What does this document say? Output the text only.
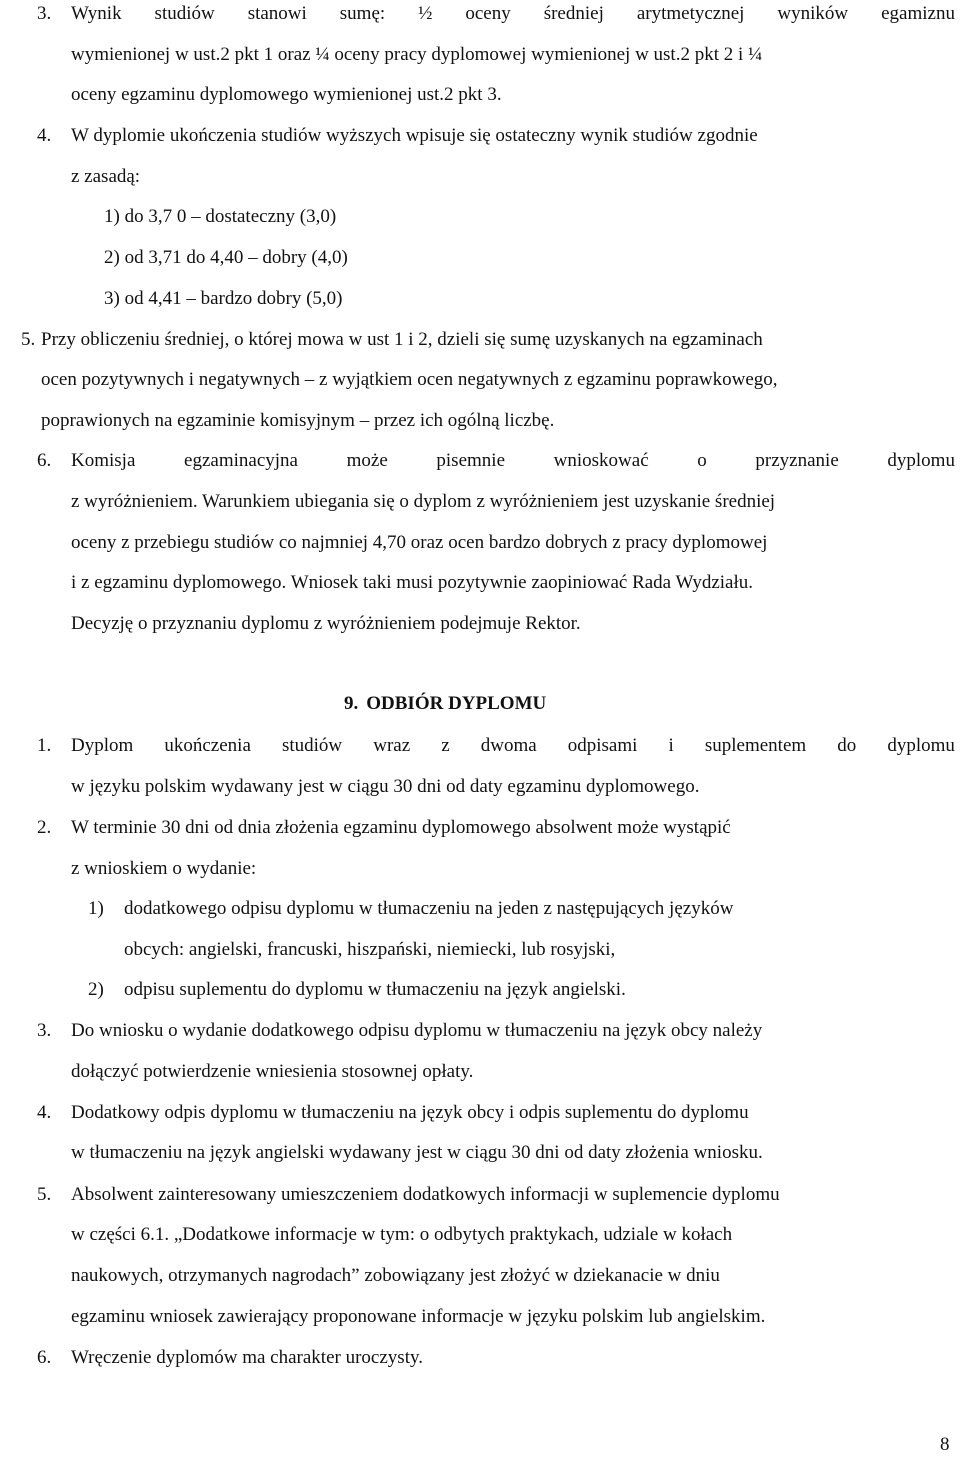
3.	Wynik studiów stanowi sumę: ½ oceny średniej arytmetycznej wyników egamiznu
wymienionej w ust.2 pkt 1 oraz ¼ oceny pracy dyplomowej wymienionej w ust.2 pkt 2 i ¼
oceny egzaminu dyplomowego wymienionej ust.2 pkt 3.
4.	W dyplomie ukończenia studiów wyższych wpisuje się ostateczny wynik studiów zgodnie
z zasadą:
1) do 3,7 0 – dostateczny (3,0)
2) od 3,71 do 4,40 – dobry (4,0)
3) od 4,41 – bardzo dobry (5,0)
5. Przy obliczeniu średniej, o której mowa w ust 1 i 2, dzieli się sumę uzyskanych na egzaminach
ocen pozytywnych i negatywnych – z wyjątkiem ocen negatywnych z egzaminu poprawkowego,
poprawionych na egzaminie komisyjnym – przez ich ogólną liczbę.
6.	Komisja	egzaminacyjna	może	pisemnie	wnioskować	o	przyznanie	dyplomu
z wyróżnieniem. Warunkiem ubiegania się o dyplom z wyróżnieniem jest uzyskanie średniej
oceny z przebiegu studiów co najmniej 4,70 oraz ocen bardzo dobrych z pracy dyplomowej
i z egzaminu dyplomowego. Wniosek taki musi pozytywnie zaopiniować Rada Wydziału.
Decyzję o przyznaniu dyplomu z wyróżnieniem podejmuje Rektor.
9. ODBIÓR DYPLOMU
1.	Dyplom ukończenia studiów wraz z dwoma odpisami i suplementem do dyplomu
w języku polskim wydawany jest w ciągu 30 dni od daty egzaminu dyplomowego.
2.	W terminie 30 dni od dnia złożenia egzaminu dyplomowego absolwent może wystąpić
z wnioskiem o wydanie:
1) dodatkowego odpisu dyplomu w tłumaczeniu na jeden z następujących języków
obcych: angielski, francuski, hiszpański, niemiecki, lub rosyjski,
2) odpisu suplementu do dyplomu w tłumaczeniu na język angielski.
3.	Do wniosku o wydanie dodatkowego odpisu dyplomu w tłumaczeniu na język obcy należy
dołączyć potwierdzenie wniesienia stosownej opłaty.
4.	Dodatkowy odpis dyplomu w tłumaczeniu na język obcy i odpis suplementu do dyplomu
w tłumaczeniu na język angielski wydawany jest w ciągu 30 dni od daty złożenia wniosku.
5.	Absolwent zainteresowany umieszczeniem dodatkowych informacji w suplemencie dyplomu
w części 6.1. „Dodatkowe informacje w tym: o odbytych praktykach, udziale w kołach
naukowych, otrzymanych nagrodach” zobowiązany jest złożyć w dziekanacie w dniu
egzaminu wniosek zawierający proponowane informacje w języku polskim lub angielskim.
6.	Wręczenie dyplomów ma charakter uroczysty.
8
